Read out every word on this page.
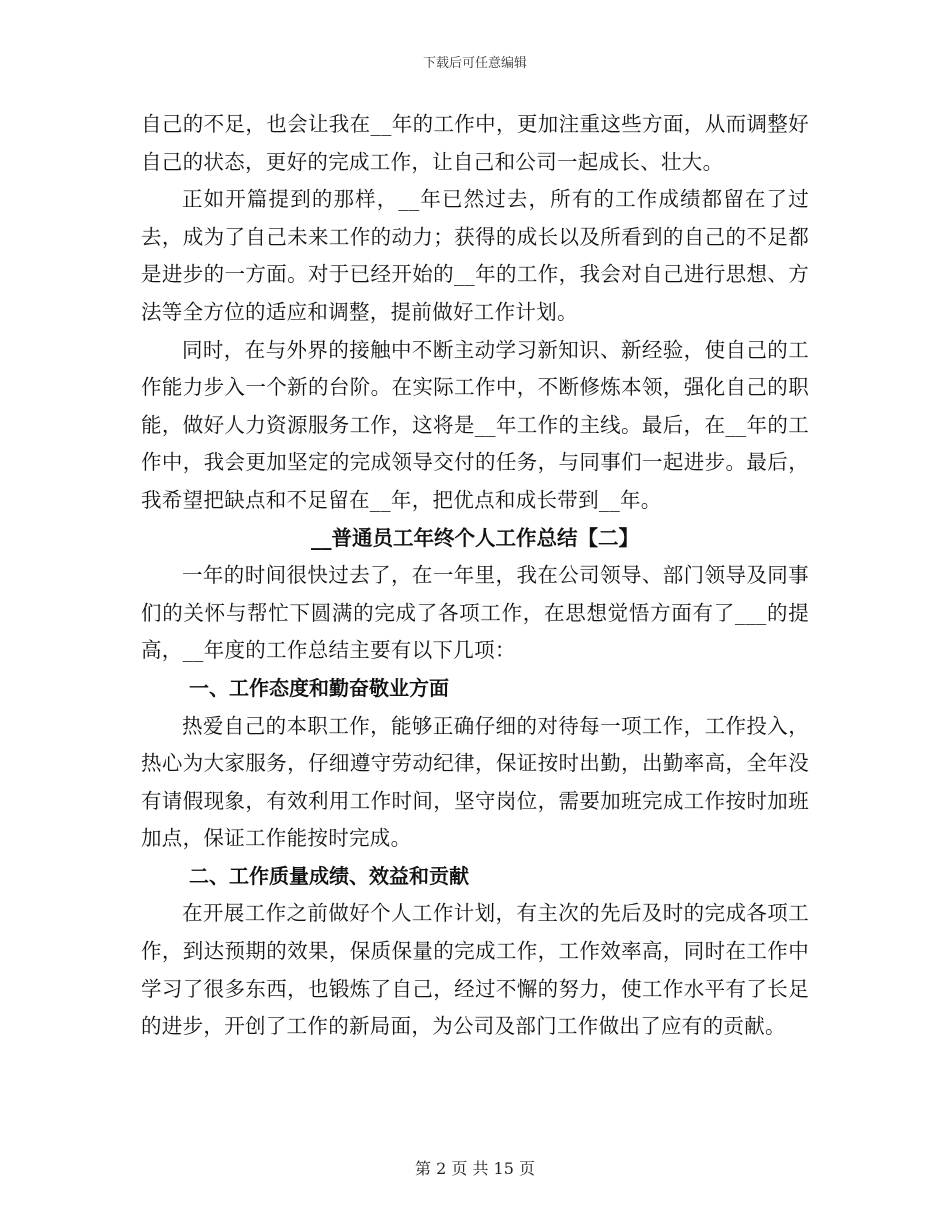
下载后可任意编辑

自己的不足，也会让我在__年的工作中，更加注重这些方面，从而调整好自己的状态，更好的完成工作，让自己和公司一起成长、壮大。

正如开篇提到的那样，__年已然过去，所有的工作成绩都留在了过去，成为了自己未来工作的动力；获得的成长以及所看到的自己的不足都是进步的一方面。对于已经开始的__年的工作，我会对自己进行思想、方法等全方位的适应和调整，提前做好工作计划。

同时，在与外界的接触中不断主动学习新知识、新经验，使自己的工作能力步入一个新的台阶。在实际工作中，不断修炼本领，强化自己的职能，做好人力资源服务工作，这将是__年工作的主线。最后，在__年的工作中，我会更加坚定的完成领导交付的任务，与同事们一起进步。最后，我希望把缺点和不足留在__年，把优点和成长带到__年。

__普通员工年终个人工作总结【二】

一年的时间很快过去了，在一年里，我在公司领导、部门领导及同事们的关怀与帮忙下圆满的完成了各项工作，在思想觉悟方面有了___的提高，__年度的工作总结主要有以下几项：

一、工作态度和勤奋敬业方面

热爱自己的本职工作，能够正确仔细的对待每一项工作，工作投入，热心为大家服务，仔细遵守劳动纪律，保证按时出勤，出勤率高，全年没有请假现象，有效利用工作时间，坚守岗位，需要加班完成工作按时加班加点，保证工作能按时完成。

二、工作质量成绩、效益和贡献

在开展工作之前做好个人工作计划，有主次的先后及时的完成各项工作，到达预期的效果，保质保量的完成工作，工作效率高，同时在工作中学习了很多东西，也锻炼了自己，经过不懈的努力，使工作水平有了长足的进步，开创了工作的新局面，为公司及部门工作做出了应有的贡献。

第 2 页 共 15 页
